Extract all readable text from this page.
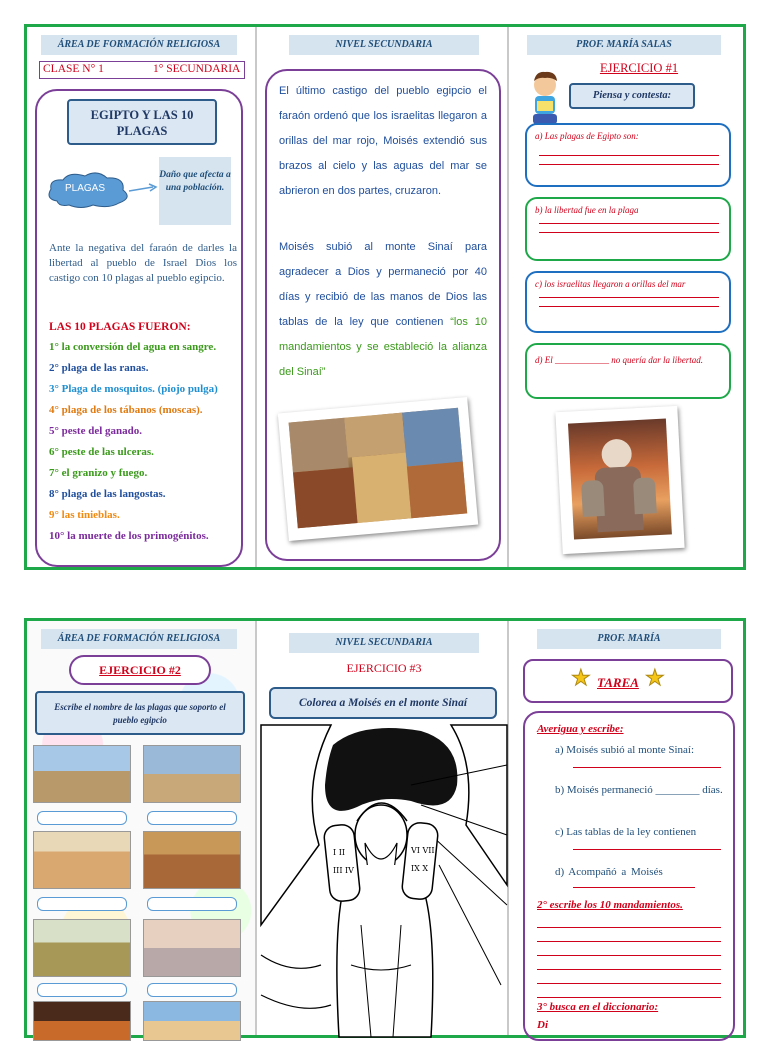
ÁREA DE FORMACIÓN RELIGIOSA
CLASE N° 1	1° SECUNDARIA
EGIPTO Y LAS 10 PLAGAS
PLAGAS
Daño que afecta a una población.
Ante la negativa del faraón de darles la libertad al pueblo de Israel Dios los castigo con 10 plagas al pueblo egipcio.
LAS 10 PLAGAS FUERON:
1° la conversión del agua en sangre.
2° plaga de las ranas.
3° Plaga de mosquitos. (piojo pulga)
4° plaga de los tábanos (moscas).
5° peste del ganado.
6° peste de las ulceras.
7° el granizo y fuego.
8° plaga de las langostas.
9° las tinieblas.
10° la muerte de los primogénitos.
NIVEL SECUNDARIA
El último castigo del pueblo egipcio el faraón ordenó que los israelitas llegaron a orillas del mar rojo, Moisés extendió sus brazos al cielo y las aguas del mar se abrieron en dos partes, cruzaron.
Moisés subió al monte Sinaí para agradecer a Dios y permaneció por 40 días y recibió de las manos de Dios las tablas de la ley que contienen “los 10 mandamientos y se estableció la alianza del Sinaí”
PROF. MARÍA SALAS
EJERCICIO #1
Piensa y contesta:
a) Las plagas de Egipto son:
b) la libertad fue en la plaga
c) los israelitas llegaron a orillas del mar
d) El ____________ no quería dar la libertad.
ÁREA DE FORMACIÓN RELIGIOSA
EJERCICIO #2
Escribe el nombre de las plagas que soporto el pueblo egipcio
NIVEL SECUNDARIA
EJERCICIO #3
Colorea a Moisés en el monte Sinaí
I II
III IV
VI VII
IX X
PROF. MARÍA
★ TAREA ★
Averigua y escribe:
a) Moisés subió al monte Sinaí:
b) Moisés permaneció ________ días.
c) Las tablas de la ley contienen
d) Acompañó a Moisés
2° escribe los 10 mandamientos.
3° busca en el diccionario:
Di
